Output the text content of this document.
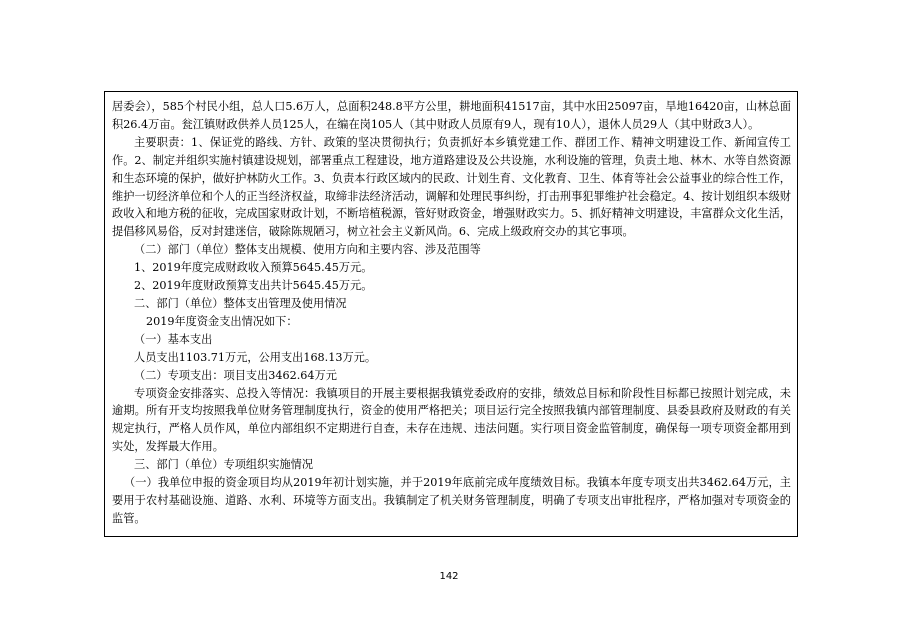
居委会），585个村民小组，总人口5.6万人，总面积248.8平方公里，耕地面积41517亩，其中水田25097亩，旱地16420亩，山林总面积26.4万亩。瓮江镇财政供养人员125人，在编在岗105人（其中财政人员原有9人，现有10人），退休人员29人（其中财政3人）。

主要职责：1、保证党的路线、方针、政策的坚决贯彻执行；负责抓好本乡镇党建工作、群团工作、精神文明建设工作、新闻宣传工作。2、制定并组织实施村镇建设规划，部署重点工程建设，地方道路建设及公共设施，水利设施的管理，负责土地、林木、水等自然资源和生态环境的保护，做好护林防火工作。3、负责本行政区域内的民政、计划生育、文化教育、卫生、体育等社会公益事业的综合性工作，维护一切经济单位和个人的正当经济权益，取缔非法经济活动，调解和处理民事纠纷，打击刑事犯罪维护社会稳定。4、按计划组织本级财政收入和地方税的征收，完成国家财政计划，不断培植税源，管好财政资金，增强财政实力。5、抓好精神文明建设，丰富群众文化生活，提倡移风易俗，反对封建迷信，破除陈规陋习，树立社会主义新风尚。6、完成上级政府交办的其它事项。

（二）部门（单位）整体支出规模、使用方向和主要内容、涉及范围等

1、2019年度完成财政收入预算5645.45万元。

2、2019年度财政预算支出共计5645.45万元。

二、部门（单位）整体支出管理及使用情况

2019年度资金支出情况如下：

（一）基本支出

人员支出1103.71万元，公用支出168.13万元。

（二）专项支出：项目支出3462.64万元

专项资金安排落实、总投入等情况：我镇项目的开展主要根据我镇党委政府的安排，绩效总目标和阶段性目标都已按照计划完成，未逾期。所有开支均按照我单位财务管理制度执行，资金的使用严格把关；项目运行完全按照我镇内部管理制度、县委县政府及财政的有关规定执行，严格人员作风，单位内部组织不定期进行自查，未存在违规、违法问题。实行项目资金监管制度，确保每一项专项资金都用到实处，发挥最大作用。

三、部门（单位）专项组织实施情况

（一）我单位申报的资金项目均从2019年初计划实施，并于2019年底前完成年度绩效目标。我镇本年度专项支出共3462.64万元，主要用于农村基础设施、道路、水利、环境等方面支出。我镇制定了机关财务管理制度，明确了专项支出审批程序，严格加强对专项资金的监管。

142
